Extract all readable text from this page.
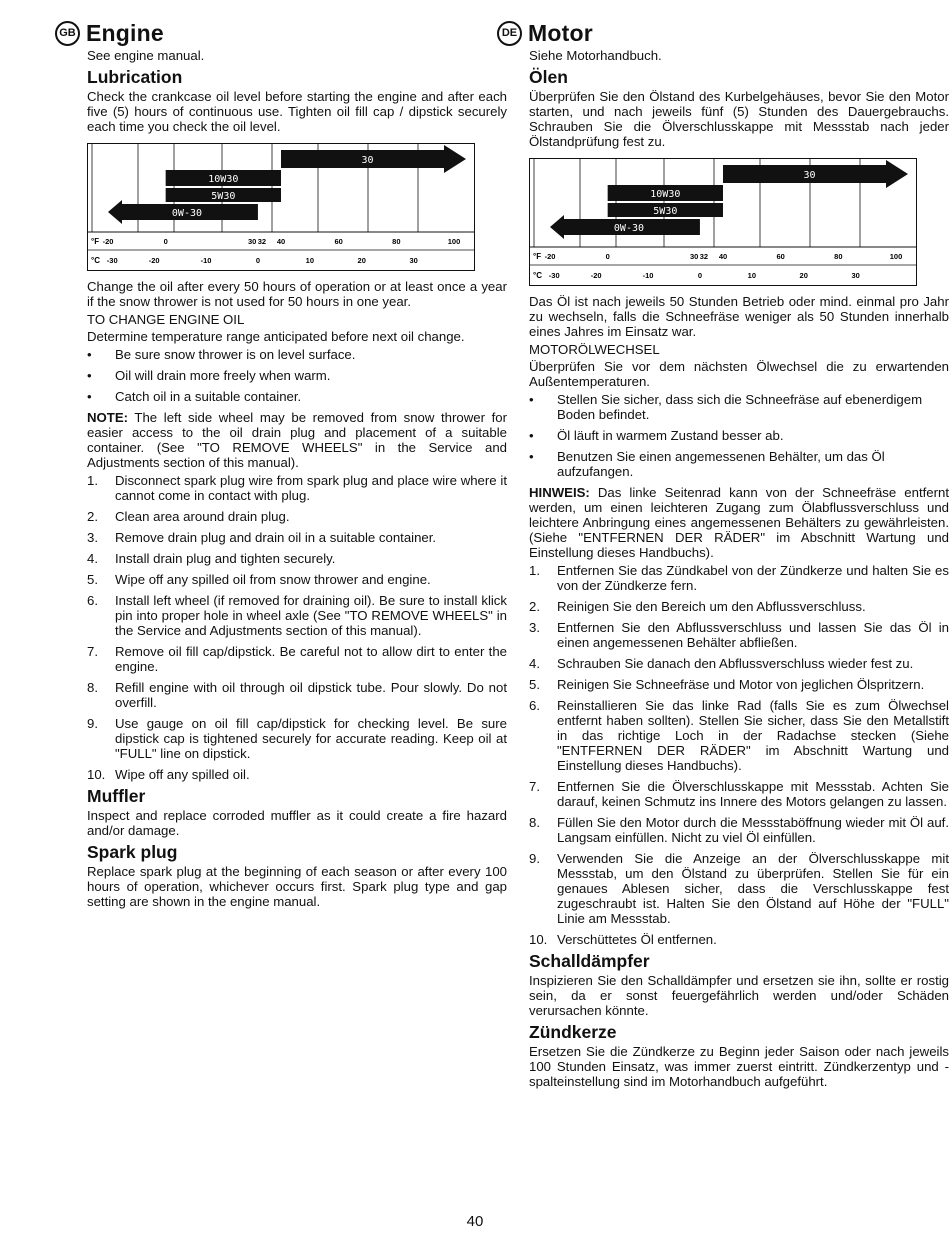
GB Engine

See engine manual.

Lubrication

Check the crankcase oil level before starting the engine and after each five (5) hours of continuous use. Tighten oil fill cap / dipstick securely each time you check the oil level.

0W-30
10W30
5W30
30
°F
°C
-20	0	30 32 40	60	80	100
-30	-20	-10	0	10	20	30

Change the oil after every 50 hours of operation or at least once a year if the snow thrower is not used for 50 hours in one year.

TO CHANGE ENGINE OIL

Determine temperature range anticipated before next oil change.

• Be sure snow thrower is on level surface.
• Oil will drain more freely when warm.
• Catch oil in a suitable container.

NOTE: The left side wheel may be removed from snow thrower for easier access to the oil drain plug and placement of a suitable container. (See "TO REMOVE WHEELS" in the Service and Adjustments section of this manual).

1.	Disconnect spark plug wire from spark plug and place wire where it cannot come in contact with plug.
2.	Clean area around drain plug.
3.	Remove drain plug and drain oil in a suitable container.
4.	Install drain plug and tighten securely.
5.	Wipe off any spilled oil from snow thrower and engine.
6.	Install left wheel (if removed for draining oil). Be sure to install klick pin into proper hole in wheel axle (See "TO REMOVE WHEELS" in the Service and Adjustments section of this manual).
7.	Remove oil fill cap/dipstick. Be careful not to allow dirt to enter the engine.
8.	Refill engine with oil through oil dipstick tube. Pour slowly. Do not overfill.
9.	Use gauge on oil fill cap/dipstick for checking level. Be sure dipstick cap is tightened securely for accurate reading. Keep oil at "FULL" line on dipstick.
10. Wipe off any spilled oil.
Muffler

Inspect and replace corroded muffler as it could create a fire hazard and/or damage.

Spark plug

Replace spark plug at the beginning of each season or after every 100 hours of operation, whichever occurs first. Spark plug type and gap setting are shown in the engine manual.

DE Motor

Siehe Motorhandbuch.

Ölen

Überprüfen Sie den Ölstand des Kurbelgehäuses, bevor Sie den Motor starten, und nach jeweils fünf (5) Stunden des Dauergebrauchs. Schrauben Sie die Ölverschlusskappe mit Messstab nach jeder Ölstandprüfung fest zu.

0W-30
10W30
5W30
30
°F
°C
-20	0	30 32 40	60	80	100
-30	-20	-10	0	10	20	30

Das Öl ist nach jeweils 50 Stunden Betrieb oder mind. einmal pro Jahr zu wechseln, falls die Schneefräse weniger als 50 Stunden innerhalb eines Jahres im Einsatz war.

MOTORÖLWECHSEL

Überprüfen Sie vor dem nächsten Ölwechsel die zu erwartenden Außentemperaturen.

• Stellen Sie sicher, dass sich die Schneefräse auf ebenerdigem Boden befindet.
• Öl läuft in warmem Zustand besser ab.
• Benutzen Sie einen angemessenen Behälter, um das Öl aufzufangen.

HINWEIS: Das linke Seitenrad kann von der Schneefräse entfernt werden, um einen leichteren Zugang zum Ölabflussverschluss und leichtere Anbringung eines angemessenen Behälters zu gewährleisten. (Siehe "ENTFERNEN DER RÄDER" im Abschnitt Wartung und Einstellung dieses Handbuchs).

1.	Entfernen Sie das Zündkabel von der Zündkerze und halten Sie es von der Zündkerze fern.
2.	Reinigen Sie den Bereich um den Abflussverschluss.
3.	Entfernen Sie den Abflussverschluss und lassen Sie das Öl in einen angemessenen Behälter abfließen.
4.	Schrauben Sie danach den Abflussverschluss wieder fest zu.
5.	Reinigen Sie Schneefräse und Motor von jeglichen Ölspritzern.
6.	Reinstallieren Sie das linke Rad (falls Sie es zum Ölwechsel entfernt haben sollten). Stellen Sie sicher, dass Sie den Metallstift in das richtige Loch in der Radachse stecken (Siehe "ENTFERNEN DER RÄDER" im Abschnitt Wartung und Einstellung dieses Handbuchs).
7.	Entfernen Sie die Ölverschlusskappe mit Messstab. Achten Sie darauf, keinen Schmutz ins Innere des Motors gelangen zu lassen.
8.	Füllen Sie den Motor durch die Messstaböffnung wieder mit Öl auf. Langsam einfüllen. Nicht zu viel Öl einfüllen.
9.	Verwenden Sie die Anzeige an der Ölverschlusskappe mit Messstab, um den Ölstand zu überprüfen. Stellen Sie für ein genaues Ablesen sicher, dass die Verschlusskappe fest zugeschraubt ist. Halten Sie den Ölstand auf Höhe der "FULL" Linie am Messstab.
10. Verschüttetes Öl entfernen.
Schalldämpfer

Inspizieren Sie den Schalldämpfer und ersetzen sie ihn, sollte er rostig sein, da er sonst feuergefährlich werden und/oder Schäden verursachen könnte.

Zündkerze

Ersetzen Sie die Zündkerze zu Beginn jeder Saison oder nach jeweils 100 Stunden Einsatz, was immer zuerst eintritt. Zündkerzentyp und -spalteinstellung sind im Motorhandbuch aufgeführt.

40
